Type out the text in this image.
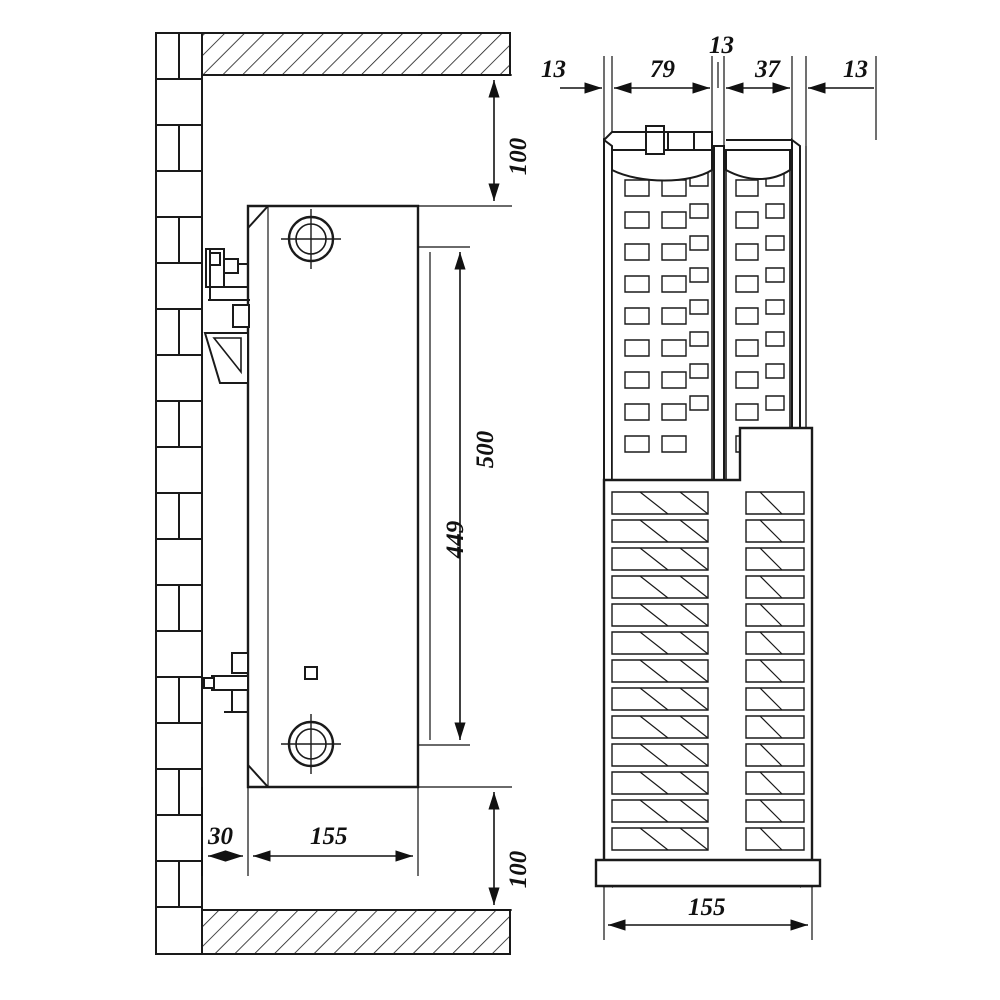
100
100
500
449
30	155
13	79
13
37	13
155
